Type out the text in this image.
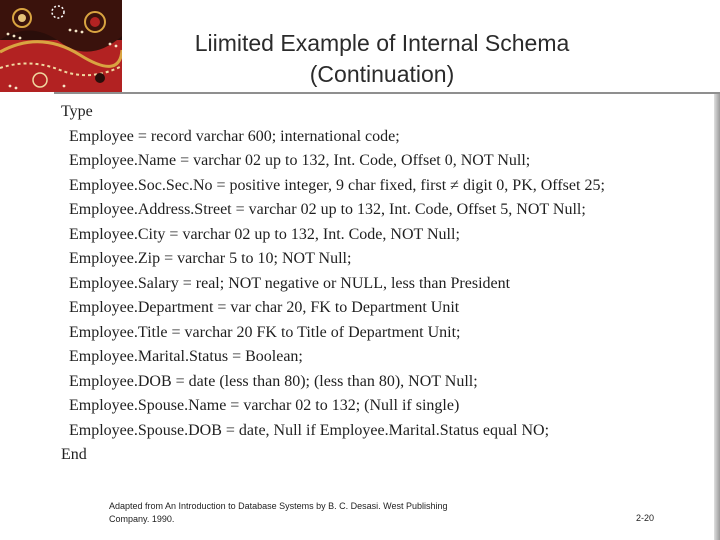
Liimited Example of Internal Schema
(Continuation)
Type
Employee = record varchar 600; international code;
Employee.Name = varchar 02 up to 132, Int. Code, Offset 0, NOT Null;
Employee.Soc.Sec.No = positive integer, 9 char fixed, first ≠ digit 0, PK, Offset 25;
Employee.Address.Street = varchar 02 up to 132, Int. Code, Offset 5, NOT Null;
Employee.City = varchar 02 up to 132, Int. Code, NOT Null;
Employee.Zip = varchar 5 to 10; NOT Null;
Employee.Salary = real; NOT negative or NULL, less than President
Employee.Department = var char 20, FK to Department Unit
Employee.Title = varchar 20 FK to Title of Department Unit;
Employee.Marital.Status = Boolean;
Employee.DOB = date (less than 80); (less than 80), NOT Null;
Employee.Spouse.Name = varchar 02 to 132; (Null if single)
Employee.Spouse.DOB = date, Null if Employee.Marital.Status equal NO;
End
Adapted from An Introduction to Database Systems by B. C. Desasi. West Publishing
Company. 1990.	2-20
